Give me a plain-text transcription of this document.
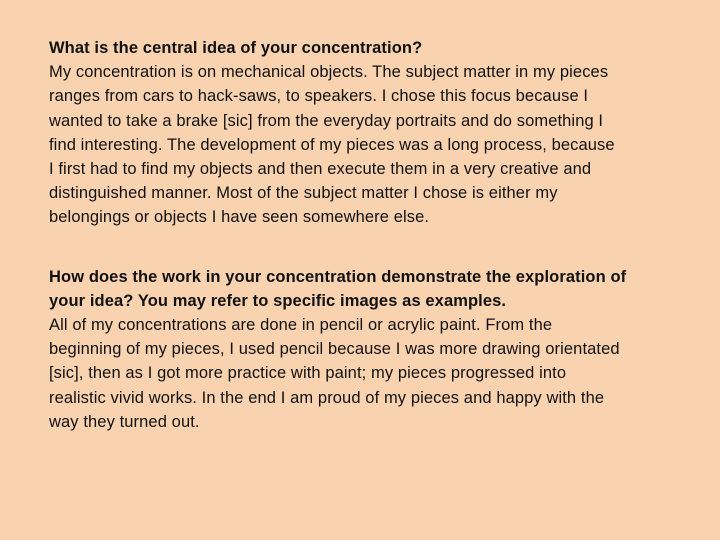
What is the central idea of your concentration?
My concentration is on mechanical objects. The subject matter in my pieces
ranges from cars to hack-saws, to speakers. I chose this focus because I
wanted to take a brake [sic] from the everyday portraits and do something I
find interesting. The development of my pieces was a long process, because
I first had to find my objects and then execute them in a very creative and
distinguished manner. Most of the subject matter I chose is either my
belongings or objects I have seen somewhere else.
How does the work in your concentration demonstrate the exploration of
your idea? You may refer to specific images as examples.
All of my concentrations are done in pencil or acrylic paint. From the
beginning of my pieces, I used pencil because I was more drawing orientated
[sic], then as I got more practice with paint; my pieces progressed into
realistic vivid works. In the end I am proud of my pieces and happy with the
way they turned out.
